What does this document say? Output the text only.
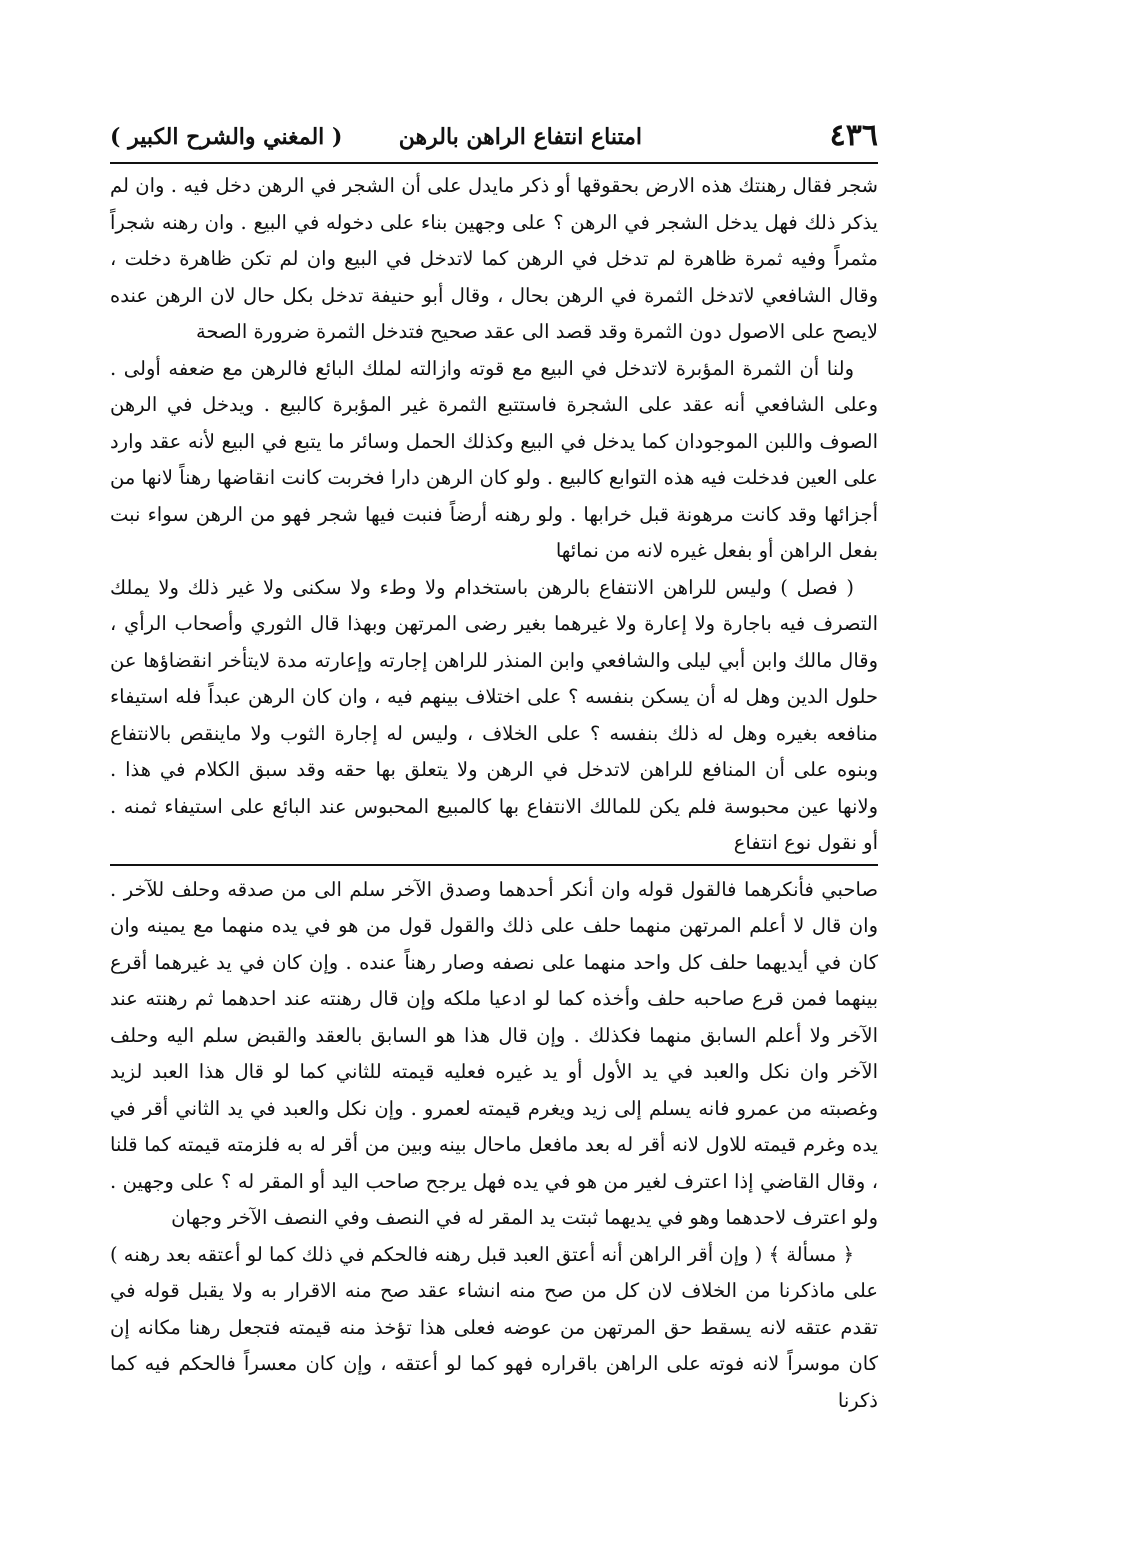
٤٣٦
امتناع انتفاع الراهن بالرهن
( المغني والشرح الكبير )

شجر فقال رهنتك هذه الارض بحقوقها أو ذكر مايدل على أن الشجر في الرهن دخل فيه . وان لم يذكر ذلك فهل يدخل الشجر في الرهن ؟ على وجهين بناء على دخوله في البيع . وان رهنه شجراً مثمراً وفيه ثمرة ظاهرة لم تدخل في الرهن كما لاتدخل في البيع وان لم تكن ظاهرة دخلت ، وقال الشافعي لاتدخل الثمرة في الرهن بحال ، وقال أبو حنيفة تدخل بكل حال لان الرهن عنده لايصح على الاصول دون الثمرة وقد قصد الى عقد صحيح فتدخل الثمرة ضرورة الصحة

ولنا أن الثمرة المؤبرة لاتدخل في البيع مع قوته وازالته لملك البائع فالرهن مع ضعفه أولى . وعلى الشافعي أنه عقد على الشجرة فاستتبع الثمرة غير المؤبرة كالبيع . ويدخل في الرهن الصوف واللبن الموجودان كما يدخل في البيع وكذلك الحمل وسائر ما يتبع في البيع لأنه عقد وارد على العين فدخلت فيه هذه التوابع كالبيع . ولو كان الرهن دارا فخربت كانت انقاضها رهناً لانها من أجزائها وقد كانت مرهونة قبل خرابها . ولو رهنه أرضاً فنبت فيها شجر فهو من الرهن سواء نبت بفعل الراهن أو بفعل غيره لانه من نمائها

( فصل ) وليس للراهن الانتفاع بالرهن باستخدام ولا وطء ولا سكنى ولا غير ذلك ولا يملك التصرف فيه باجارة ولا إعارة ولا غيرهما بغير رضى المرتهن وبهذا قال الثوري وأصحاب الرأي ، وقال مالك وابن أبي ليلى والشافعي وابن المنذر للراهن إجارته وإعارته مدة لايتأخر انقضاؤها عن حلول الدين وهل له أن يسكن بنفسه ؟ على اختلاف بينهم فيه ، وان كان الرهن عبداً فله استيفاء منافعه بغيره وهل له ذلك بنفسه ؟ على الخلاف ، وليس له إجارة الثوب ولا ماينقص بالانتفاع وبنوه على أن المنافع للراهن لاتدخل في الرهن ولا يتعلق بها حقه وقد سبق الكلام في هذا . ولانها عين محبوسة فلم يكن للمالك الانتفاع بها كالمبيع المحبوس عند البائع على استيفاء ثمنه . أو نقول نوع انتفاع

صاحبي فأنكرهما فالقول قوله وان أنكر أحدهما وصدق الآخر سلم الى من صدقه وحلف للآخر . وان قال لا أعلم المرتهن منهما حلف على ذلك والقول قول من هو في يده منهما مع يمينه وان كان في أيديهما حلف كل واحد منهما على نصفه وصار رهناً عنده . وإن كان في يد غيرهما أقرع بينهما فمن قرع صاحبه حلف وأخذه كما لو ادعيا ملكه وإن قال رهنته عند احدهما ثم رهنته عند الآخر ولا أعلم السابق منهما فكذلك . وإن قال هذا هو السابق بالعقد والقبض سلم اليه وحلف الآخر وان نكل والعبد في يد الأول أو يد غيره فعليه قيمته للثاني كما لو قال هذا العبد لزيد وغصبته من عمرو فانه يسلم إلى زيد ويغرم قيمته لعمرو . وإن نكل والعبد في يد الثاني أقر في يده وغرم قيمته للاول لانه أقر له بعد مافعل ماحال بينه وبين من أقر له به فلزمته قيمته كما قلنا ، وقال القاضي إذا اعترف لغير من هو في يده فهل يرجح صاحب اليد أو المقر له ؟ على وجهين . ولو اعترف لاحدهما وهو في يديهما ثبتت يد المقر له في النصف وفي النصف الآخر وجهان

﴿ مسألة ﴾ ( وإن أقر الراهن أنه أعتق العبد قبل رهنه فالحكم في ذلك كما لو أعتقه بعد رهنه ) على ماذكرنا من الخلاف لان كل من صح منه انشاء عقد صح منه الاقرار به ولا يقبل قوله في تقدم عتقه لانه يسقط حق المرتهن من عوضه فعلى هذا تؤخذ منه قيمته فتجعل رهنا مكانه إن كان موسراً لانه فوته على الراهن باقراره فهو كما لو أعتقه ، وإن كان معسراً فالحكم فيه كما ذكرنا
